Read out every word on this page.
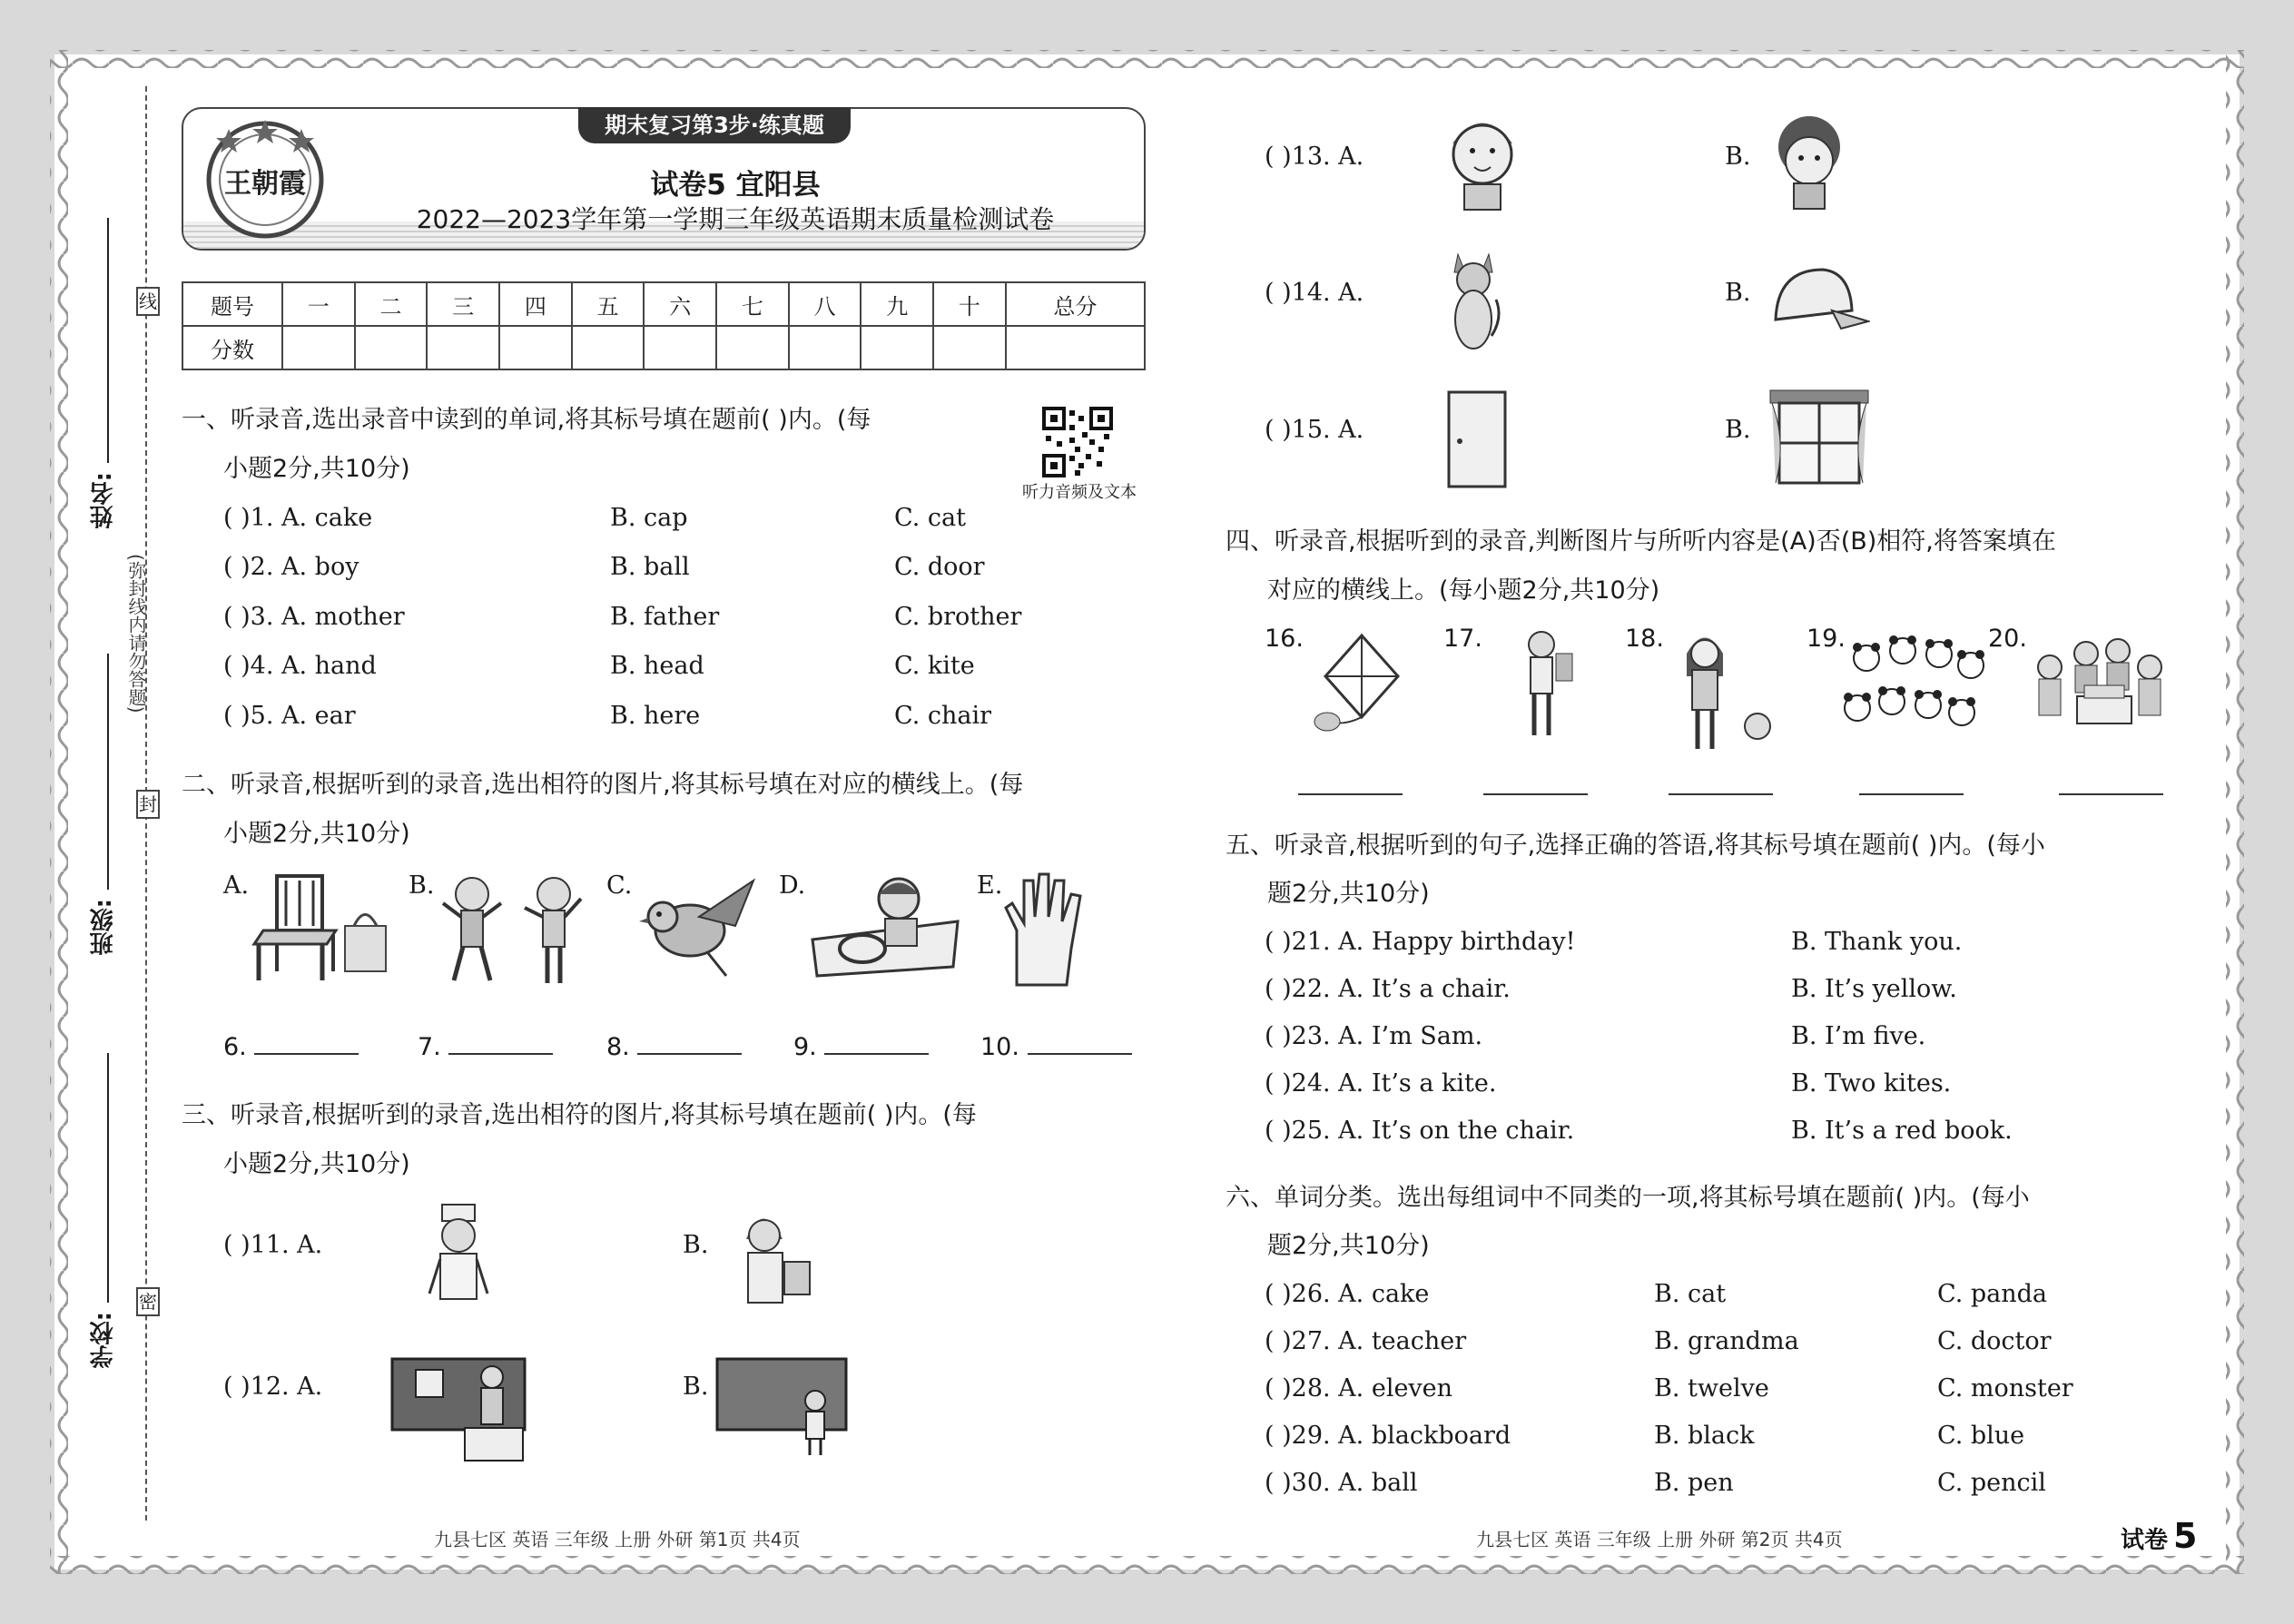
姓名:
班级:
学校:
线
封
密
(弥封线内请勿答题)
期末复习第3步·练真题
王朝霞	试卷5 宜阳县
2022—2023学年第一学期三年级英语期末质量检测试卷
题号	一	二	三	四	五	六	七	八	九	十	总分
分数											
一、听录音,选出录音中读到的单词,将其标号填在题前( )内。(每
小题2分,共10分)
听力音频及文本
( )1. A. cake	B. cap	C. cat
( )2. A. boy	B. ball	C. door
( )3. A. mother	B. father	C. brother
( )4. A. hand	B. head	C. kite
( )5. A. ear	B. here	C. chair
二、听录音,根据听到的录音,选出相符的图片,将其标号填在对应的横线上。(每
小题2分,共10分)
A.	B.	C.	D.	E.
6.	7.	8.	9.	10.
三、听录音,根据听到的录音,选出相符的图片,将其标号填在题前( )内。(每
小题2分,共10分)
( )11. A.	B.
( )12. A.	B.
( )13. A.	B.
( )14. A.	B.
( )15. A.	B.
四、听录音,根据听到的录音,判断图片与所听内容是(A)否(B)相符,将答案填在
对应的横线上。(每小题2分,共10分)
16.	17.	18.	19.	20.
五、听录音,根据听到的句子,选择正确的答语,将其标号填在题前( )内。(每小
题2分,共10分)
( )21. A. Happy birthday!	B. Thank you.
( )22. A. It’s a chair.	B. It’s yellow.
( )23. A. I’m Sam.	B. I’m five.
( )24. A. It’s a kite.	B. Two kites.
( )25. A. It’s on the chair.	B. It’s a red book.
六、单词分类。选出每组词中不同类的一项,将其标号填在题前( )内。(每小
题2分,共10分)
( )26. A. cake	B. cat	C. panda
( )27. A. teacher	B. grandma	C. doctor
( )28. A. eleven	B. twelve	C. monster
( )29. A. blackboard	B. black	C. blue
( )30. A. ball	B. pen	C. pencil
九县七区 英语 三年级 上册 外研 第1页 共4页	九县七区 英语 三年级 上册 外研 第2页 共4页	试卷 5
